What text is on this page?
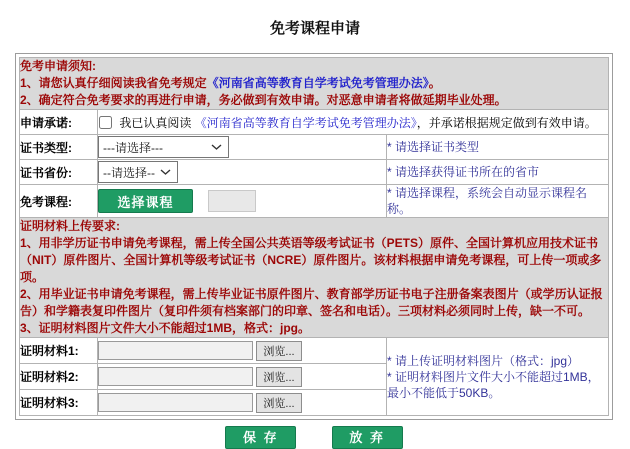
免考课程申请
免考申请须知:
1、请您认真仔细阅读我省免考规定《河南省高等教育自学考试免考管理办法》。
2、确定符合免考要求的再进行申请，务必做到有效申请。对恶意申请者将做延期毕业处理。		

申请承诺:	我已认真阅读 《河南省高等教育自学考试免考管理办法》，并承诺根据规定做到有效申请。	
证书类型:	---请选择---	* 请选择证书类型
证书省份:	--请选择--	* 请选择获得证书所在的省市
免考课程:	选择课程	* 请选择课程，系统会自动显示课程名称。

证明材料上传要求:
1、用非学历证书申请免考课程，需上传全国公共英语等级考试证书（PETS）原件、全国计算机应用技术证书（NIT）原件图片、全国计算机等级考试证书（NCRE）原件图片。该材料根据申请免考课程，可上传一项或多项。
2、用毕业证书申请免考课程，需上传毕业证书原件图片、教育部学历证书电子注册备案表图片（或学历认证报告）和学籍表复印件图片（复印件须有档案部门的印章、签名和电话）。三项材料必须同时上传，缺一不可。
3、证明材料图片文件大小不能超过1MB，格式：jpg。		

证明材料1:	浏览...	* 请上传证明材料图片（格式：jpg）
* 证明材料图片文件大小不能超过1MB，最小不能低于50KB。

证明材料2:	浏览...	
证明材料3:	浏览...	
保 存	放 弃
